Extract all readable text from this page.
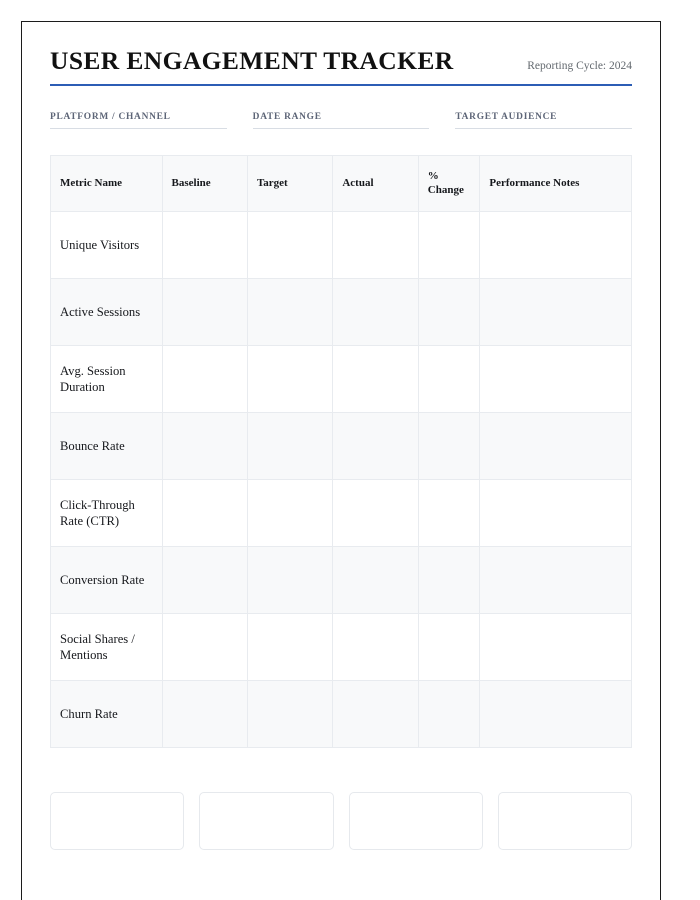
USER ENGAGEMENT TRACKER	Reporting Cycle: 2024
PLATFORM / CHANNEL	DATE RANGE	TARGET AUDIENCE
Metric Name	Baseline	Target	Actual	% Change	Performance Notes
Unique Visitors					
Active Sessions					
Avg. Session Duration					
Bounce Rate					
Click-Through Rate (CTR)					
Conversion Rate					
Social Shares / Mentions					
Churn Rate					
